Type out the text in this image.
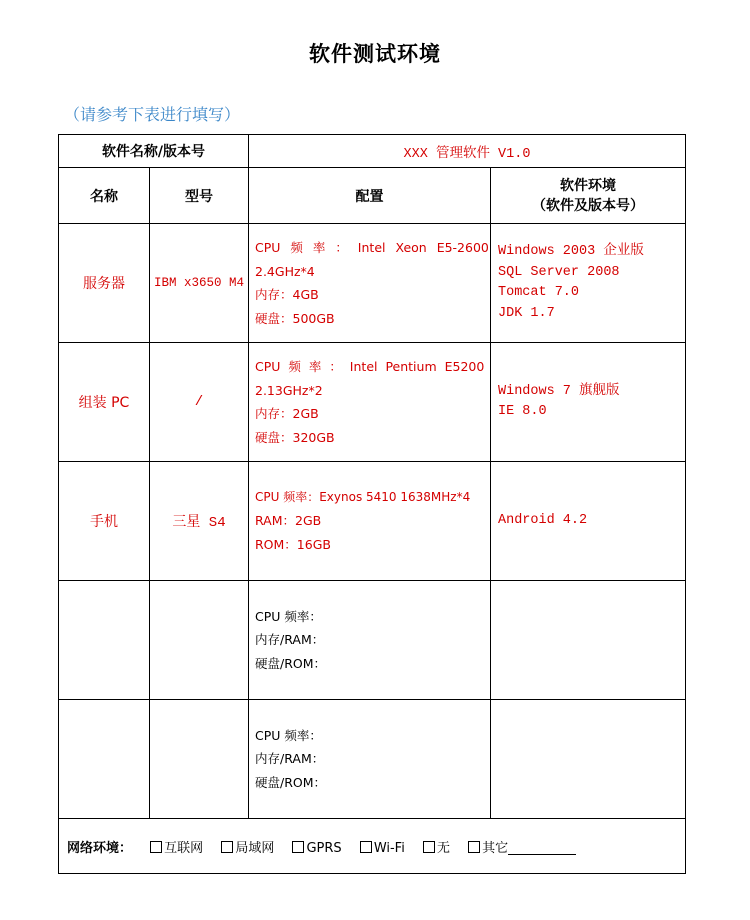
软件测试环境
（请参考下表进行填写）
软件名称/版本号		XXX 管理软件 V1.0	
名称	型号	配置	软件环境
（软件及版本号）

服务器	IBM x3650 M4	CPU 频 率 ： Intel Xeon E5-2600
2.4GHz*4
内存：4GB
硬盘：500GB	Windows 2003 企业版
SQL Server 2008
Tomcat 7.0
JDK 1.7

组装 PC	/	CPU 频 率 ： Intel Pentium E5200
2.13GHz*2
内存：2GB
硬盘：320GB	Windows 7 旗舰版
IE 8.0

手机	三星 S4	CPU 频率：Exynos 5410 1638MHz*4
RAM：2GB
ROM：16GB	Android 4.2

		CPU 频率：
内存/RAM：
硬盘/ROM：	

		CPU 频率：
内存/RAM：
硬盘/ROM：	

网络环境： 互联网 局域网 GPRS Wi-Fi 无 其它			
